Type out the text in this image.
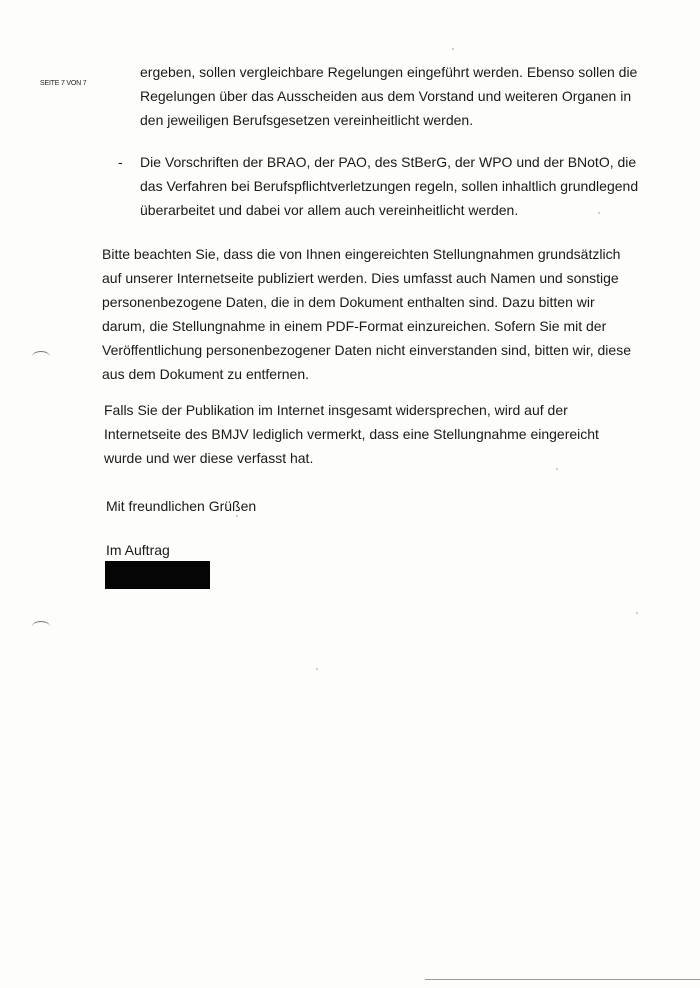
SEITE 7 VON 7

ergeben, sollen vergleichbare Regelungen eingeführt werden. Ebenso sollen die Regelungen über das Ausscheiden aus dem Vorstand und weiteren Organen in den jeweiligen Berufsgesetzen vereinheitlicht werden.

- Die Vorschriften der BRAO, der PAO, des StBerG, der WPO und der BNotO, die das Verfahren bei Berufspflichtverletzungen regeln, sollen inhaltlich grundlegend überarbeitet und dabei vor allem auch vereinheitlicht werden.

Bitte beachten Sie, dass die von Ihnen eingereichten Stellungnahmen grundsätzlich auf unserer Internetseite publiziert werden. Dies umfasst auch Namen und sonstige personenbezogene Daten, die in dem Dokument enthalten sind. Dazu bitten wir darum, die Stellungnahme in einem PDF-Format einzureichen. Sofern Sie mit der Veröffentlichung personenbezogener Daten nicht einverstanden sind, bitten wir, diese aus dem Dokument zu entfernen.

Falls Sie der Publikation im Internet insgesamt widersprechen, wird auf der Internetseite des BMJV lediglich vermerkt, dass eine Stellungnahme eingereicht wurde und wer diese verfasst hat.

Mit freundlichen Grüßen

Im Auftrag
